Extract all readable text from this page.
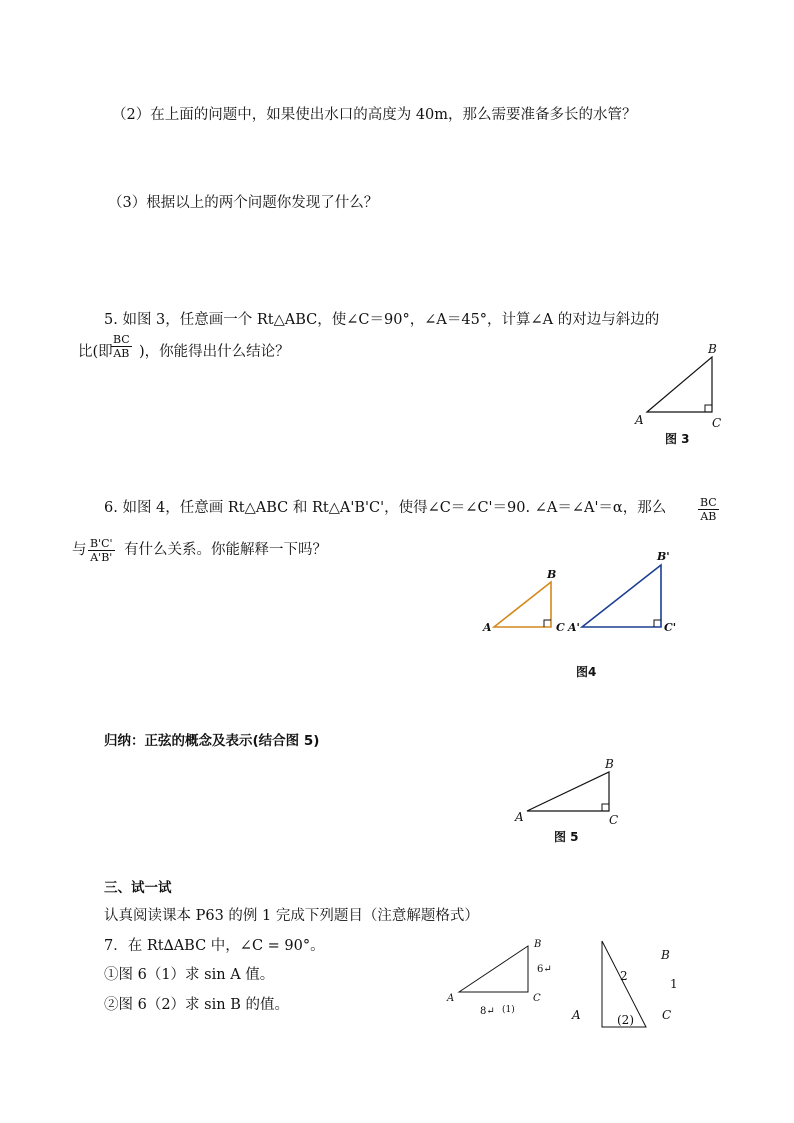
（2）在上面的问题中，如果使出水口的高度为 40m，那么需要准备多长的水管？
（3）根据以上的两个问题你发现了什么？
5. 如图 3，任意画一个 Rt△ABC，使∠C＝90°，∠A＝45°，计算∠A 的对边与斜边的
比(即
$\frac{BC}{AB}$ )，你能得出什么结论？
A
B
C
图 3
6. 如图 4，任意画 Rt△ABC 和 Rt△A'B'C'，使得∠C＝∠C'＝90. ∠A＝∠A'＝α，那么	$\frac{BC}{AB}$
与 $\frac{B'C'}{A'B'}$ 有什么关系。你能解释一下吗？
A
B
C A'
B'
C'
图4
归纳：正弦的概念及表示(结合图 5)
A
B
C
图 5
三、试一试
认真阅读课本 P63 的例 1 完成下列题目（注意解题格式）
7．在 Rt∆ABC 中，∠C = 90°。
①图 6（1）求 sin A 值。
②图 6（2）求 sin B 的值。	A
B
C
6↵
8↵ (1)	A
B
C
2
1
(2)
